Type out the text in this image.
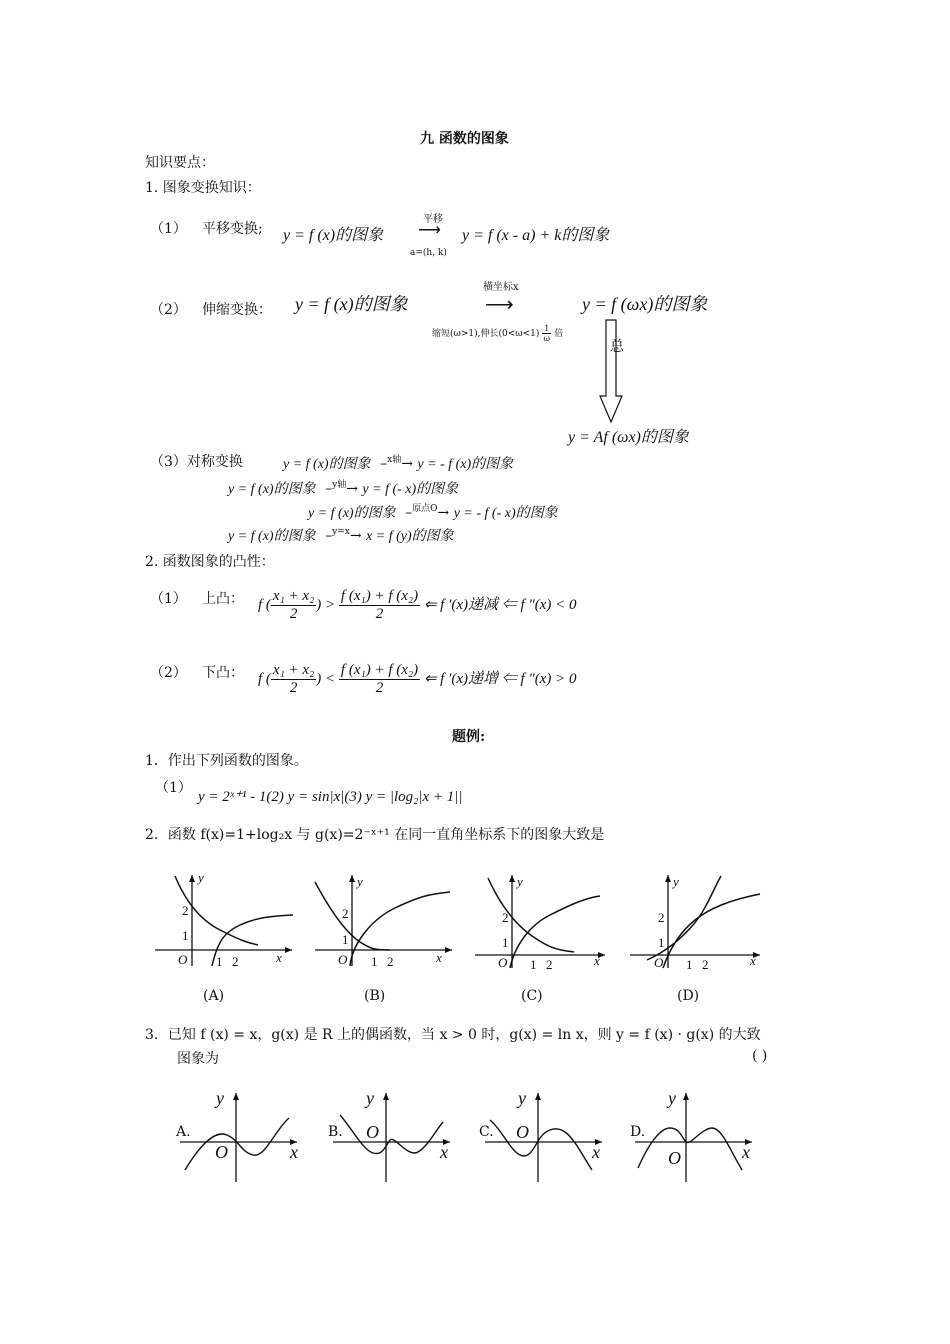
九 函数的图象
知识要点：
1. 图象变换知识：
（1） 平移变换; y = f (x)的图象
平移
⟶
a=(h, k)
y = f (x - a) + k的图象
（2） 伸缩变换： y = f (x)的图象
横坐标x
⟶
缩短(ω>1),伸长$(0<\omega<1) \frac{1}{\omega}$ 倍
y = f (ωx)的图象
总
y = Af (ωx)的图象
（3）对称变换	y = f (x)的图象  –$^{x轴}$→ y = - f (x)的图象
y = f (x)的图象  –$^{y轴}$→ y = f (- x)的图象
y = f (x)的图象  –$^{原点O}$→ y = - f (- x)的图象
y = f (x)的图象  –$^{y=x}$→ x = f (y)的图象
2. 函数图象的凸性：
（1） 上凸： f ( $\frac{\text{x₁ + x₂}}{2}$ ) > $\frac{\text{f (x₁) + f (x₂)}}{2}$ ⇐ f ′(x)递减 ⇐ f ″(x) < 0
（2） 下凸： f ( $\frac{\text{x₁ + x₂}}{2}$ ) < $\frac{\text{f (x₁) + f (x₂)}}{2}$ ⇐ f ′(x)递增 ⇐ f ″(x) > 0
题例:
1．作出下列函数的图象。
（1）
y = 2ˣ⁺¹ - 1(2) y = sin|x|(3) y = |log₂|x + 1||
2．函数 f(x)=1+log₂x 与 g(x)=2⁻ˣ⁺¹ 在同一直角坐标系下的图象大致是
y
2
1
O 1 2	x
(A)
y
2
1
O 1 2	x
(B)
y
2
1
O 1 2	x
(C)
y
2
1
O 1 2	x
(D)
3．已知 f (x) = x，g(x) 是 R 上的偶函数，当 x > 0 时，g(x) = ln x，则 y = f (x) · g(x) 的大致
图象为	( )
y
A.
O	x
y
B. O
x
y
C. O
x
y
D.
O	x
